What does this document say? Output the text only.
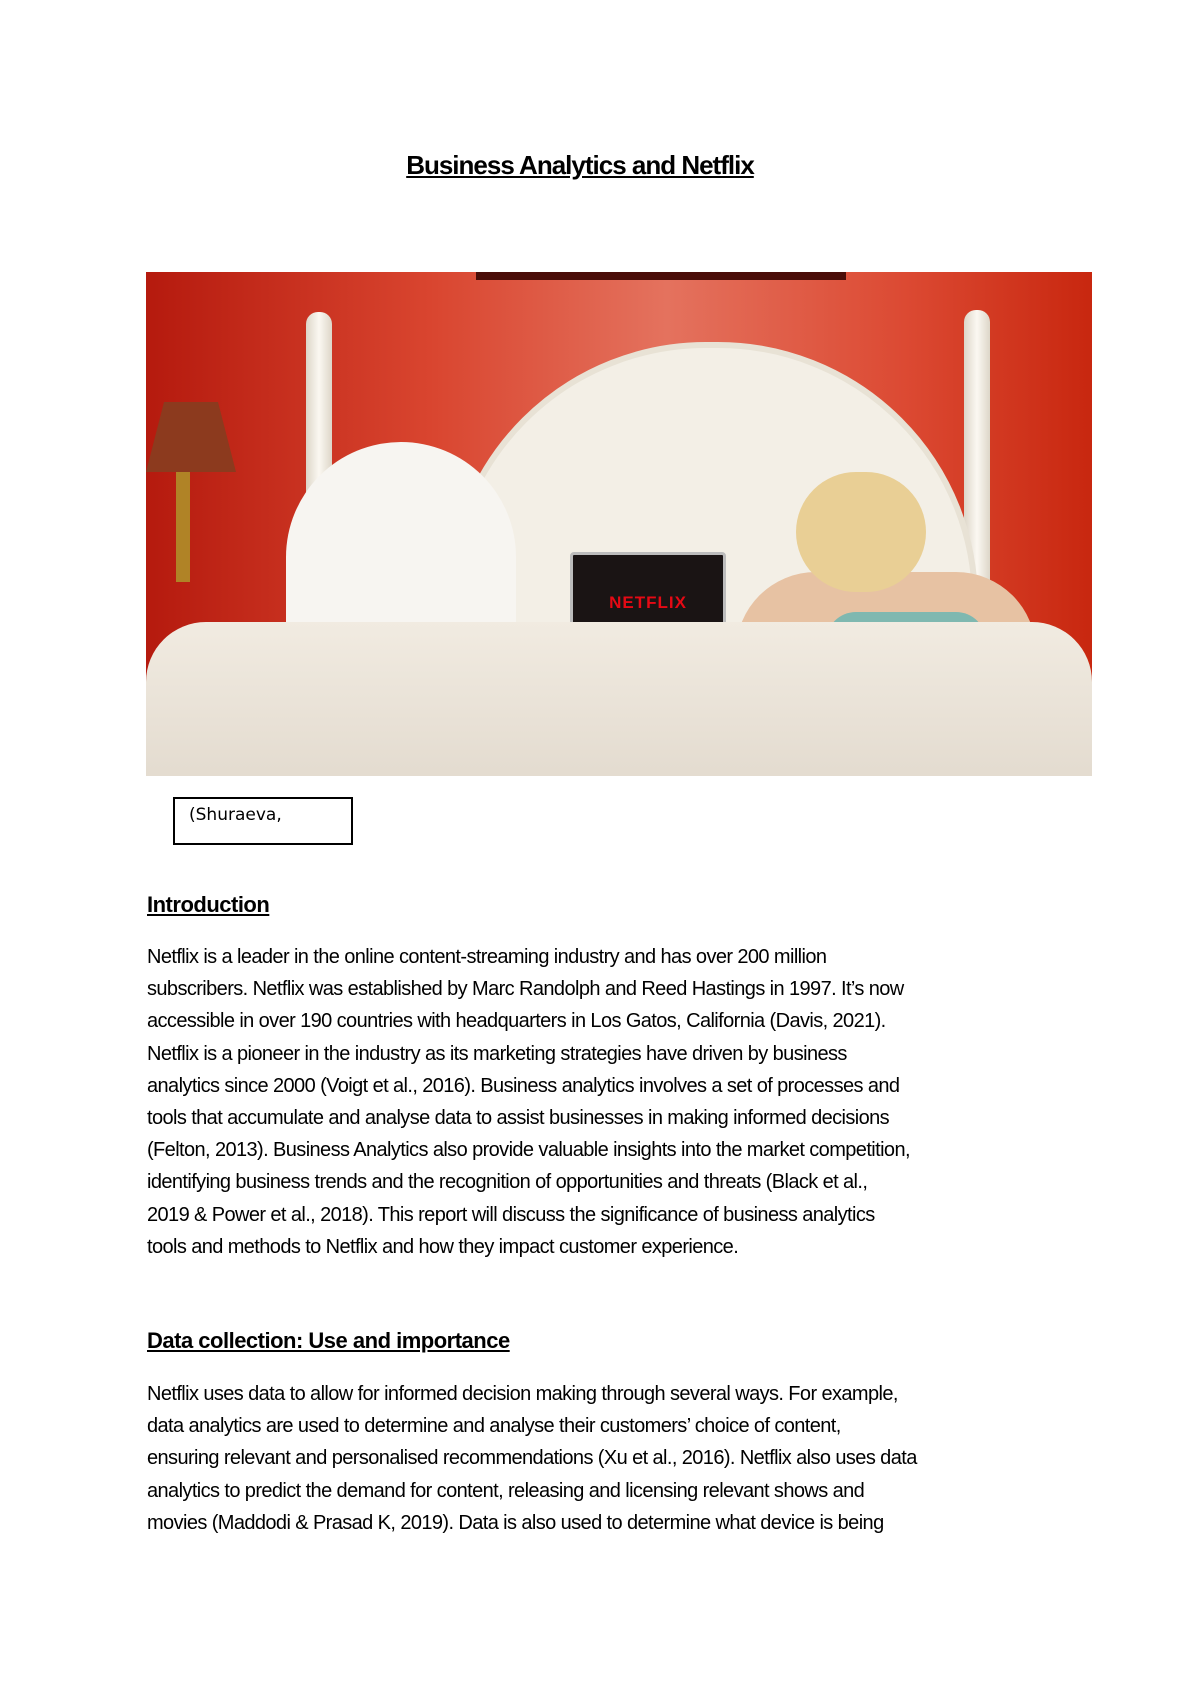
Business Analytics and Netflix
NETFLIX
(Shuraeva,
Introduction
Netflix is a leader in the online content-streaming industry and has over 200 million
subscribers. Netflix was established by Marc Randolph and Reed Hastings in 1997. It’s now
accessible in over 190 countries with headquarters in Los Gatos, California (Davis, 2021).
Netflix is a pioneer in the industry as its marketing strategies have driven by business
analytics since 2000 (Voigt et al., 2016). Business analytics involves a set of processes and
tools that accumulate and analyse data to assist businesses in making informed decisions
(Felton, 2013). Business Analytics also provide valuable insights into the market competition,
identifying business trends and the recognition of opportunities and threats (Black et al.,
2019 & Power et al., 2018). This report will discuss the significance of business analytics
tools and methods to Netflix and how they impact customer experience.
Data collection: Use and importance
Netflix uses data to allow for informed decision making through several ways. For example,
data analytics are used to determine and analyse their customers’ choice of content,
ensuring relevant and personalised recommendations (Xu et al., 2016). Netflix also uses data
analytics to predict the demand for content, releasing and licensing relevant shows and
movies (Maddodi & Prasad K, 2019). Data is also used to determine what device is being
